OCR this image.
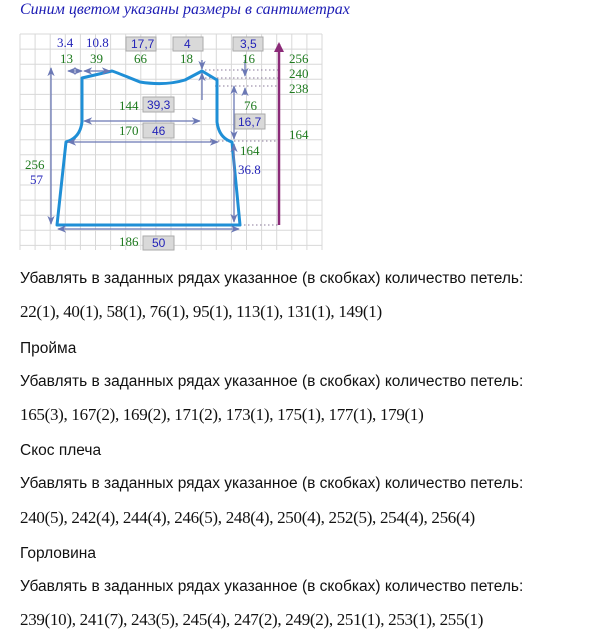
Синим цветом указаны размеры в сантиметрах
3.4 10.8 17,7 4	3,5
13 39 66	18	16	256
240
238
164
144 39,3
170 46
76
16,7
164
36.8
256
57
186 50
Убавлять в заданных рядах указанное (в скобках) количество петель:
22(1), 40(1), 58(1), 76(1), 95(1), 113(1), 131(1), 149(1)
Пройма
Убавлять в заданных рядах указанное (в скобках) количество петель:
165(3), 167(2), 169(2), 171(2), 173(1), 175(1), 177(1), 179(1)
Скос плеча
Убавлять в заданных рядах указанное (в скобках) количество петель:
240(5), 242(4), 244(4), 246(5), 248(4), 250(4), 252(5), 254(4), 256(4)
Горловина
Убавлять в заданных рядах указанное (в скобках) количество петель:
239(10), 241(7), 243(5), 245(4), 247(2), 249(2), 251(1), 253(1), 255(1)
